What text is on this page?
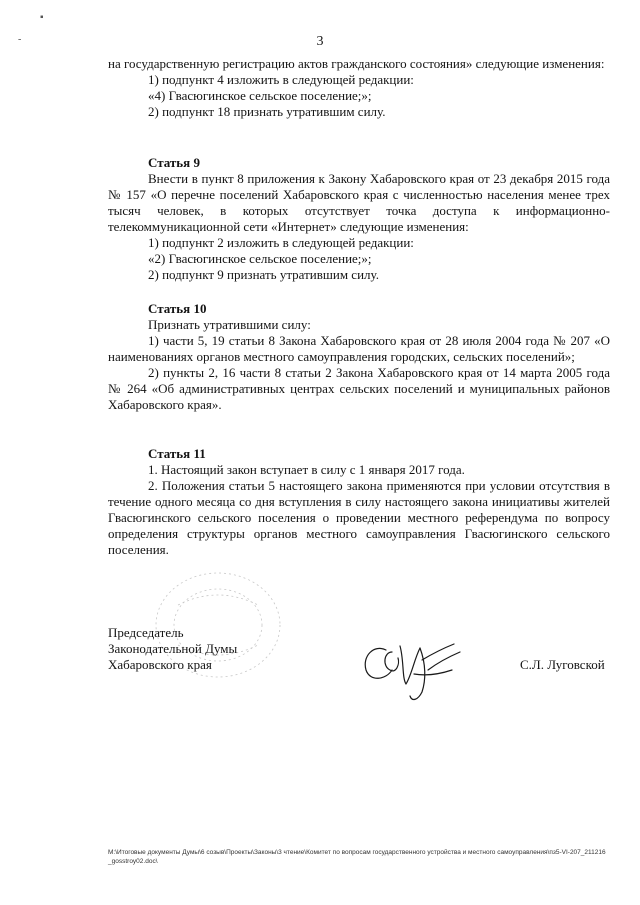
▪
-	3

на государственную регистрацию актов гражданского состояния» следующие изменения:

1) подпункт 4 изложить в следующей редакции:

«4) Гвасюгинское сельское поселение;»;

2) подпункт 18 признать утратившим силу.

Статья 9

Внести в пункт 8 приложения к Закону Хабаровского края от 23 декабря 2015 года № 157 «О перечне поселений Хабаровского края с численностью населения менее трех тысяч человек, в которых отсутствует точка доступа к информационно-телекоммуникационной сети «Интернет» следующие изменения:

1) подпункт 2 изложить в следующей редакции:

«2) Гвасюгинское сельское поселение;»;

2) подпункт 9 признать утратившим силу.

Статья 10

Признать утратившими силу:

1) части 5, 19 статьи 8 Закона Хабаровского края от 28 июля 2004 года № 207 «О наименованиях органов местного самоуправления городских, сельских поселений»;

2) пункты 2, 16 части 8 статьи 2 Закона Хабаровского края от 14 марта 2005 года № 264 «Об административных центрах сельских поселений и муниципальных районов Хабаровского края».

Статья 11

1. Настоящий закон вступает в силу с 1 января 2017 года.

2. Положения статьи 5 настоящего закона применяются при условии отсутствия в течение одного месяца со дня вступления в силу настоящего закона инициативы жителей Гвасюгинского сельского поселения о проведении местного референдума по вопросу определения структуры органов местного самоуправления Гвасюгинского сельского поселения.

Председатель
Законодательной Думы
Хабаровского края	С.Л. Луговской
M:\Итоговые документы Думы\6 созыв\Проекты\Законы\3 чтение\Комитет по вопросам государственного устройства и местного самоуправления\пз5-VI-207_211216_gosstroy02.doc\
